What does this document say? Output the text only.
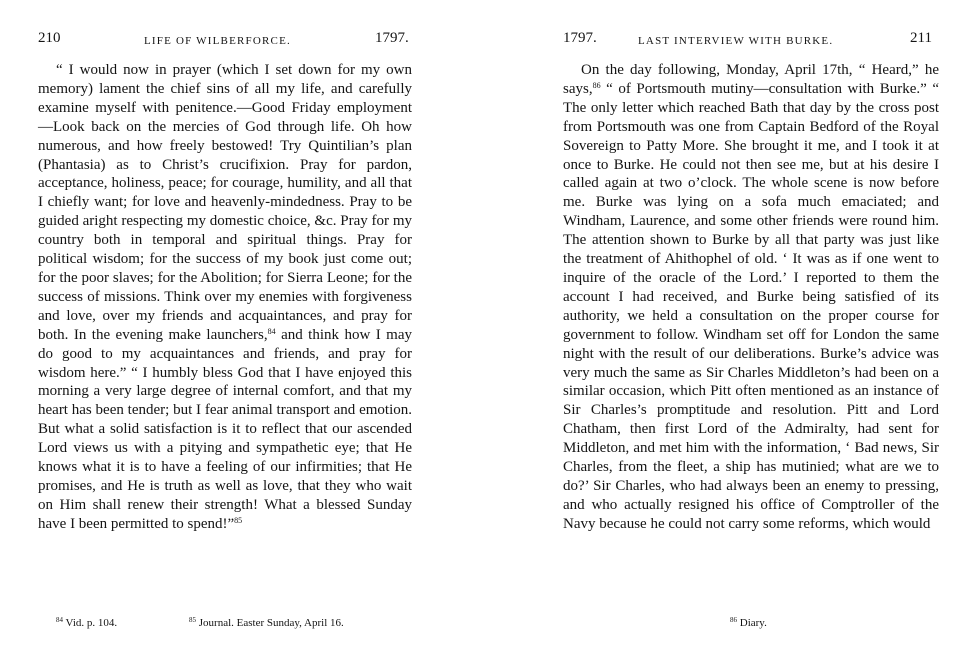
210	LIFE OF WILBERFORCE.	1797.
“ I would now in prayer (which I set down for my own memory) lament the chief sins of all my life, and carefully examine myself with penitence.—Good Friday employment—Look back on the mercies of God through life. Oh how numerous, and how freely bestowed! Try Quintilian’s plan (Phantasia) as to Christ’s crucifixion. Pray for pardon, acceptance, holiness, peace; for courage, humility, and all that I chiefly want; for love and heavenly-mindedness. Pray to be guided aright respecting my domestic choice, &c. Pray for my country both in temporal and spiritual things. Pray for political wisdom; for the success of my book just come out; for the poor slaves; for the Abolition; for Sierra Leone; for the success of missions. Think over my enemies with forgiveness and love, over my friends and acquaintances, and pray for both. In the evening make launchers,$^{84}$ and think how I may do good to my acquaintances and friends, and pray for wisdom here.” “ I humbly bless God that I have enjoyed this morning a very large degree of internal comfort, and that my heart has been tender; but I fear animal transport and emotion. But what a solid satisfaction is it to reflect that our ascended Lord views us with a pitying and sympathetic eye; that He knows what it is to have a feeling of our infirmities; that He promises, and He is truth as well as love, that they who wait on Him shall renew their strength! What a blessed Sunday have I been permitted to spend!”$^{85}$
$^{84}$ Vid. p. 104.	$^{85}$ Journal. Easter Sunday, April 16.
1797.	LAST INTERVIEW WITH BURKE.	211
On the day following, Monday, April 17th, “ Heard,” he says,$^{86}$ “ of Portsmouth mutiny—consultation with Burke.” “ The only letter which reached Bath that day by the cross post from Portsmouth was one from Captain Bedford of the Royal Sovereign to Patty More. She brought it me, and I took it at once to Burke. He could not then see me, but at his desire I called again at two o’clock. The whole scene is now before me. Burke was lying on a sofa much emaciated; and Windham, Laurence, and some other friends were round him. The attention shown to Burke by all that party was just like the treatment of Ahithophel of old. ‘ It was as if one went to inquire of the oracle of the Lord.’ I reported to them the account I had received, and Burke being satisfied of its authority, we held a consultation on the proper course for government to follow. Windham set off for London the same night with the result of our deliberations. Burke’s advice was very much the same as Sir Charles Middleton’s had been on a similar occasion, which Pitt often mentioned as an instance of Sir Charles’s promptitude and resolution. Pitt and Lord Chatham, then first Lord of the Admiralty, had sent for Middleton, and met him with the information, ‘ Bad news, Sir Charles, from the fleet, a ship has mutinied; what are we to do?’ Sir Charles, who had always been an enemy to pressing, and who actually resigned his office of Comptroller of the Navy because he could not carry some reforms, which would
$^{86}$ Diary.
